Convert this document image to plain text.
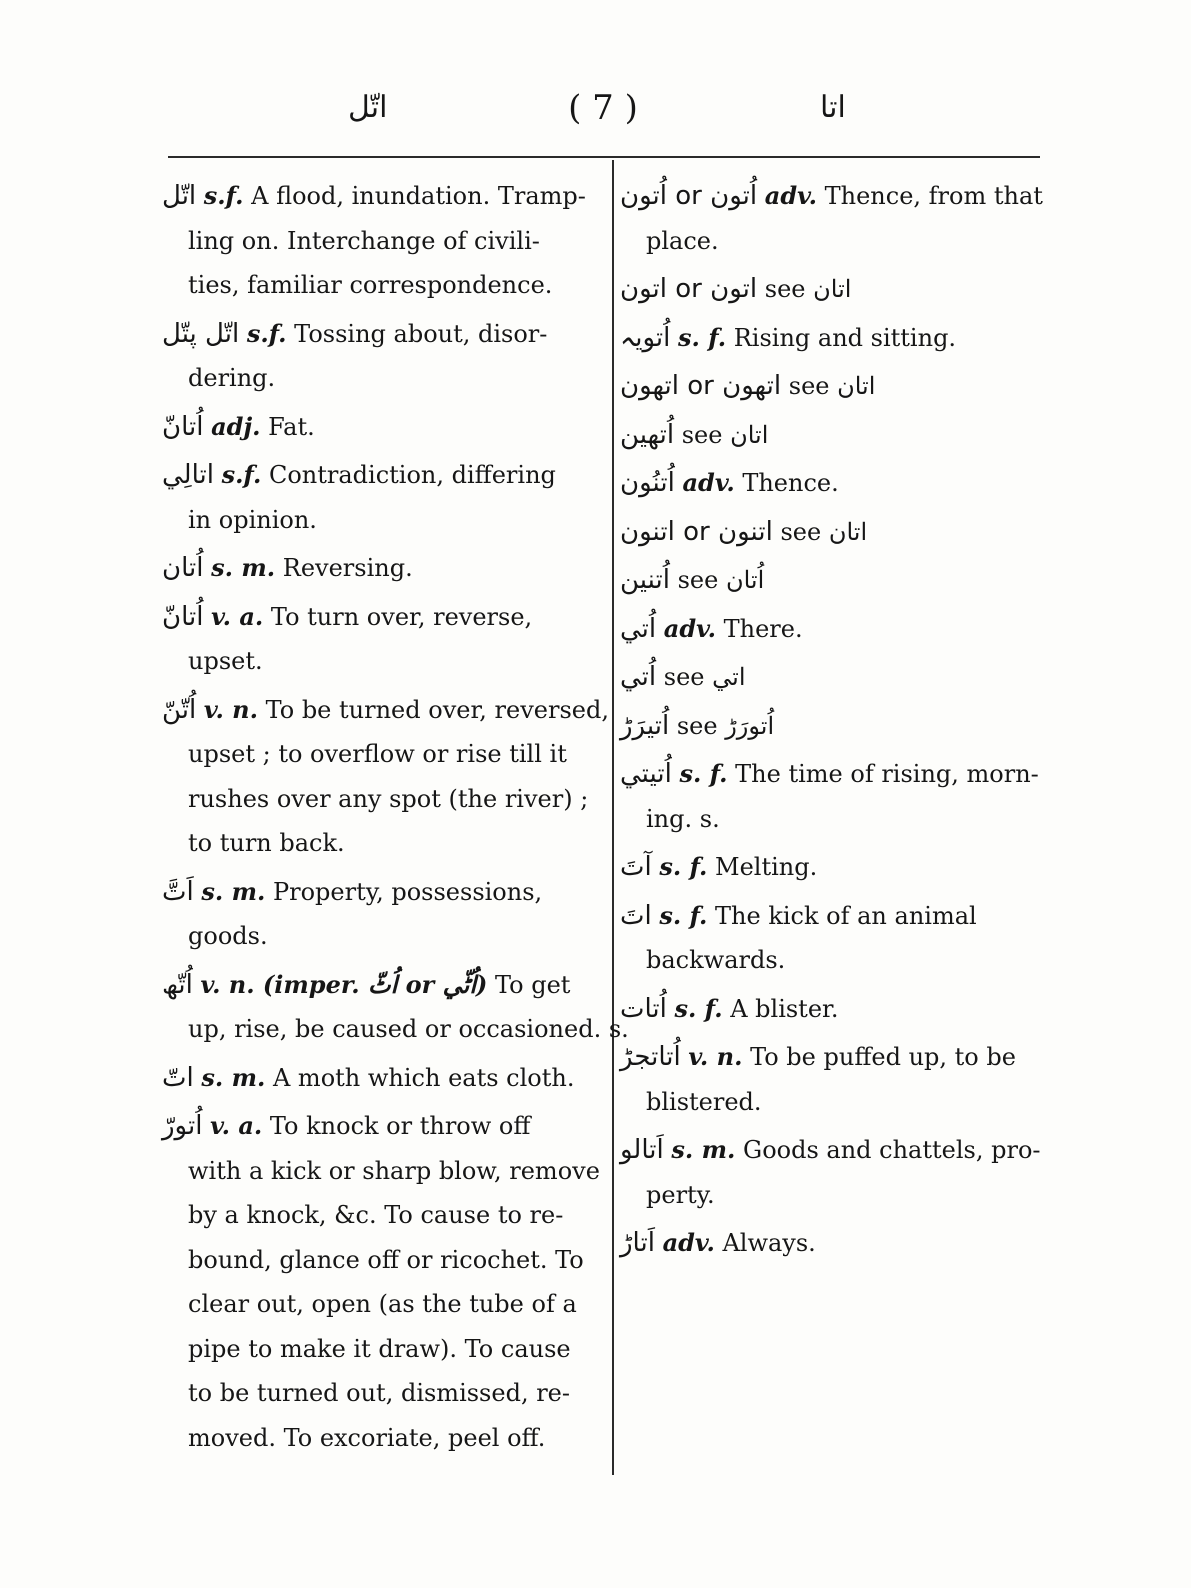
اتّل	( 7 )	اتا
اتّل s.f. A flood, inundation. Tramp-
ling on. Interchange of civili-
ties, familiar correspondence.
اتّل پتّل s.f. Tossing about, disor-
dering.
اُتانّ adj. Fat.
اتالِي s.f. Contradiction, differing
in opinion.
اُتان s. m. Reversing.
اُتانّ v. a. To turn over, reverse,
upset.
اُتّنّ v. n. To be turned over, reversed,
upset ; to overflow or rise till it
rushes over any spot (the river) ;
to turn back.
اَتَّ s. m. Property, possessions,
goods.
اُتّھ v. n. (imper. اُٹّ or اُٹّي) To get
up, rise, be caused or occasioned. s.
اتّ s. m. A moth which eats cloth.
اُتورّ v. a. To knock or throw off
with a kick or sharp blow, remove
by a knock, &c. To cause to re-
bound, glance off or ricochet. To
clear out, open (as the tube of a
pipe to make it draw). To cause
to be turned out, dismissed, re-
moved. To excoriate, peel off.
اُتون or اُتون adv. Thence, from that
place.
اتون or اتون see اتان
اُتویہ s. f. Rising and sitting.
اتھون or اتھون see اتان
اُتھین see اتان
اُتنُون adv. Thence.
اتنون or اتنون see اتان
اُتنین see اُتان
اُتي adv. There.
اُتي see اتي
اُتیرَڑ see اُتورَڑ
اُتیتي s. f. The time of rising, morn-
ing. s.
آتَ s. f. Melting.
اتَ s. f. The kick of an animal
backwards.
اُتات s. f. A blister.
اُتاتجڑ v. n. To be puffed up, to be
blistered.
اَتالو s. m. Goods and chattels, pro-
perty.
اَتاڑ adv. Always.
